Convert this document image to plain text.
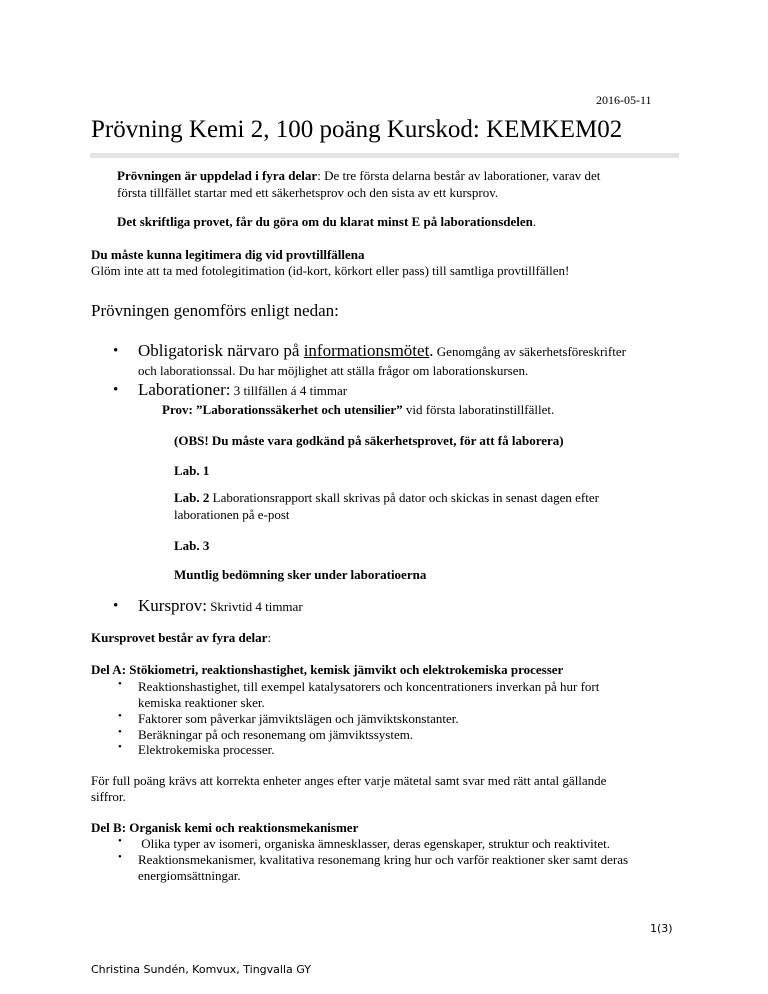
2016-05-11
Prövning Kemi 2, 100 poäng Kurskod: KEMKEM02
Prövningen är uppdelad i fyra delar: De tre första delarna består av laborationer, varav det
första tillfället startar med ett säkerhetsprov och den sista av ett kursprov.
Det skriftliga provet, får du göra om du klarat minst E på laborationsdelen.
Du måste kunna legitimera dig vid provtillfällena
Glöm inte att ta med fotolegitimation (id-kort, körkort eller pass) till samtliga provtillfällen!
Prövningen genomförs enligt nedan:
• Obligatorisk närvaro på informationsmötet. Genomgång av säkerhetsföreskrifter
och laborationssal. Du har möjlighet att ställa frågor om laborationskursen.
• Laborationer: 3 tillfällen á 4 timmar
Prov: ”Laborationssäkerhet och utensilier” vid första laboratinstillfället.
(OBS! Du måste vara godkänd på säkerhetsprovet, för att få laborera)
Lab. 1
Lab. 2 Laborationsrapport skall skrivas på dator och skickas in senast dagen efter
laborationen på e-post
Lab. 3
Muntlig bedömning sker under laboratioerna
• Kursprov: Skrivtid 4 timmar
Kursprovet består av fyra delar:
Del A: Stökiometri, reaktionshastighet, kemisk jämvikt och elektrokemiska processer
• Reaktionshastighet, till exempel katalysatorers och koncentrationers inverkan på hur fort
kemiska reaktioner sker.
• Faktorer som påverkar jämviktslägen och jämviktskonstanter.
• Beräkningar på och resonemang om jämviktssystem.
• Elektrokemiska processer.
För full poäng krävs att korrekta enheter anges efter varje mätetal samt svar med rätt antal gällande
siffror.
Del B: Organisk kemi och reaktionsmekanismer
• Olika typer av isomeri, organiska ämnesklasser, deras egenskaper, struktur och reaktivitet.
• Reaktionsmekanismer, kvalitativa resonemang kring hur och varför reaktioner sker samt deras
energiomsättningar.
1(3)
Christina Sundén, Komvux, Tingvalla GY
